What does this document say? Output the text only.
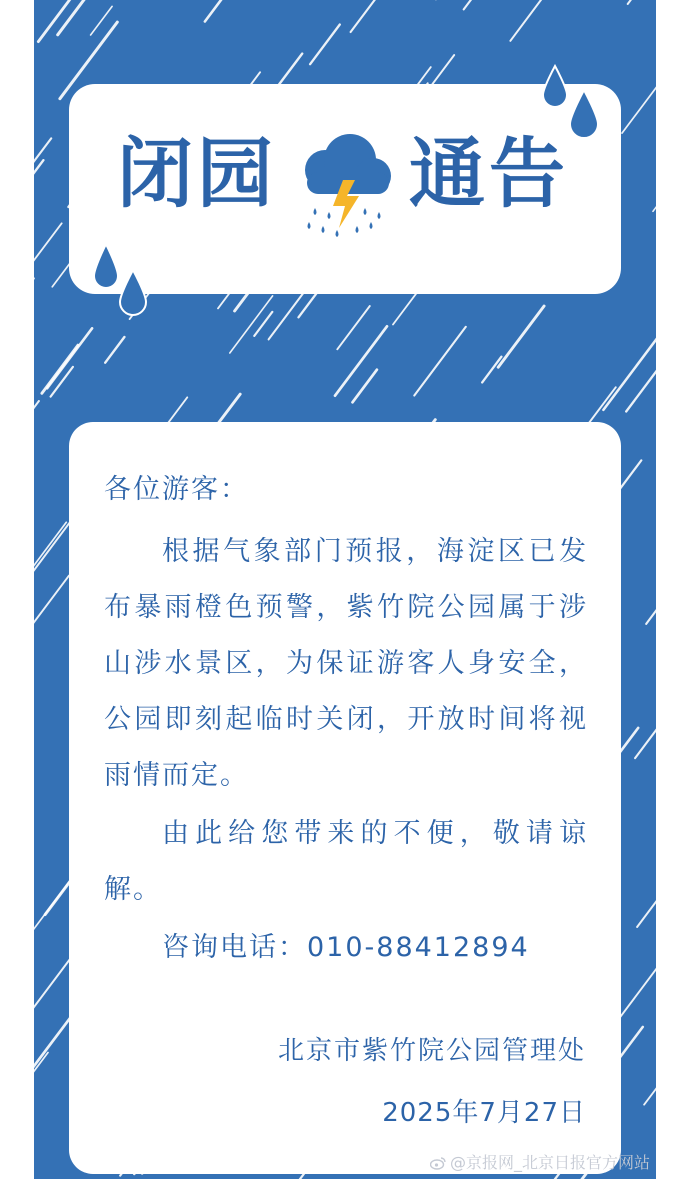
闭园 通告

各位游客：

根据气象部门预报，海淀区已发布暴雨橙色预警，紫竹院公园属于涉山涉水景区，为保证游客人身安全，公园即刻起临时关闭，开放时间将视雨情而定。

由此给您带来的不便，敬请谅解。

咨询电话：010-88412894

北京市紫竹院公园管理处
2025年7月27日
@京报网_北京日报官方网站
